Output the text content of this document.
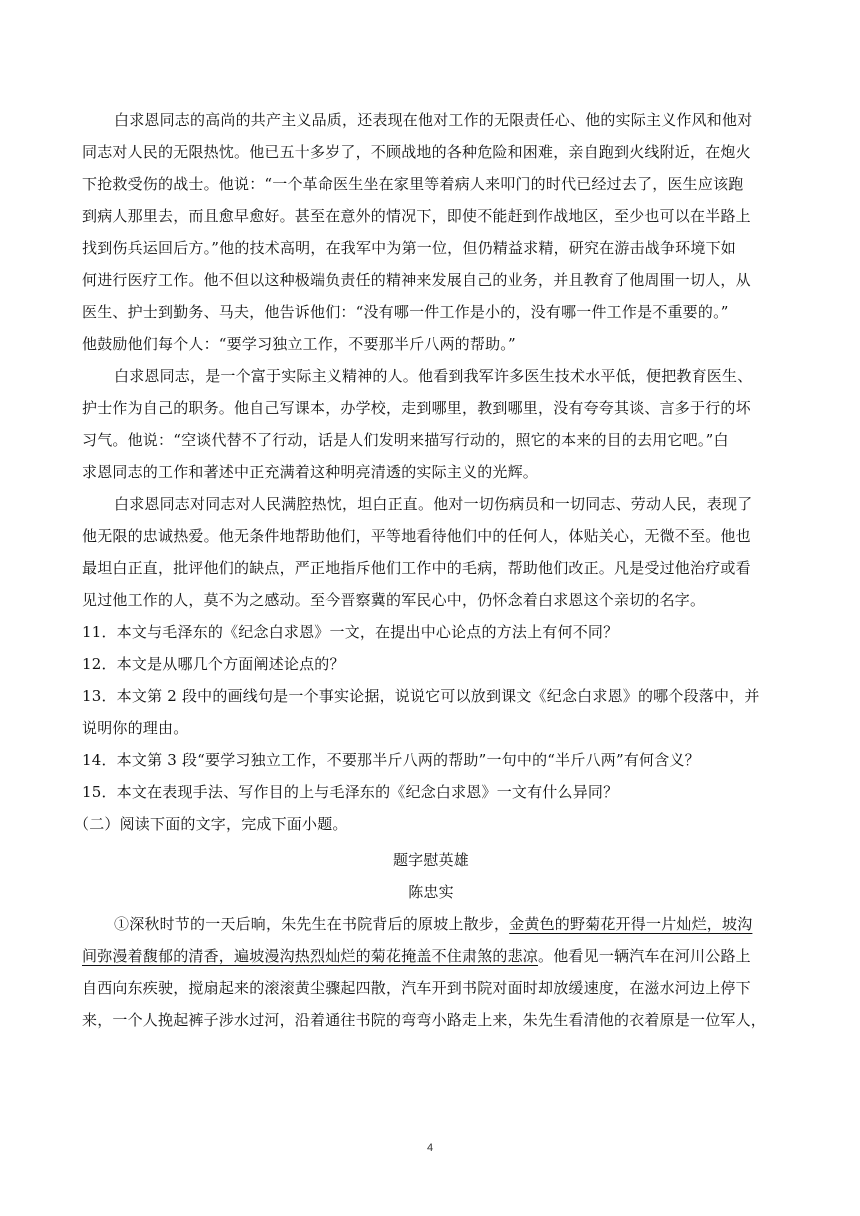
白求恩同志的高尚的共产主义品质，还表现在他对工作的无限责任心、他的实际主义作风和他对
同志对人民的无限热忱。他已五十多岁了，不顾战地的各种危险和困难，亲自跑到火线附近，在炮火
下抢救受伤的战士。他说：“一个革命医生坐在家里等着病人来叩门的时代已经过去了，医生应该跑
到病人那里去，而且愈早愈好。甚至在意外的情况下，即使不能赶到作战地区，至少也可以在半路上
找到伤兵运回后方。”他的技术高明，在我军中为第一位，但仍精益求精，研究在游击战争环境下如
何进行医疗工作。他不但以这种极端负责任的精神来发展自己的业务，并且教育了他周围一切人，从
医生、护士到勤务、马夫，他告诉他们：“没有哪一件工作是小的，没有哪一件工作是不重要的。”
他鼓励他们每个人：“要学习独立工作，不要那半斤八两的帮助。”
白求恩同志，是一个富于实际主义精神的人。他看到我军许多医生技术水平低，便把教育医生、
护士作为自己的职务。他自己写课本，办学校，走到哪里，教到哪里，没有夸夸其谈、言多于行的坏
习气。他说：“空谈代替不了行动，话是人们发明来描写行动的，照它的本来的目的去用它吧。”白
求恩同志的工作和著述中正充满着这种明亮清透的实际主义的光辉。
白求恩同志对同志对人民满腔热忱，坦白正直。他对一切伤病员和一切同志、劳动人民，表现了
他无限的忠诚热爱。他无条件地帮助他们，平等地看待他们中的任何人，体贴关心，无微不至。他也
最坦白正直，批评他们的缺点，严正地指斥他们工作中的毛病，帮助他们改正。凡是受过他治疗或看
见过他工作的人，莫不为之感动。至今晋察冀的军民心中，仍怀念着白求恩这个亲切的名字。
11．本文与毛泽东的《纪念白求恩》一文，在提出中心论点的方法上有何不同？
12．本文是从哪几个方面阐述论点的？
13．本文第 2 段中的画线句是一个事实论据，说说它可以放到课文《纪念白求恩》的哪个段落中，并
说明你的理由。
14．本文第 3 段“要学习独立工作，不要那半斤八两的帮助”一句中的“半斤八两”有何含义？
15．本文在表现手法、写作目的上与毛泽东的《纪念白求恩》一文有什么异同？
（二）阅读下面的文字，完成下面小题。
题字慰英雄
陈忠实
①深秋时节的一天后晌，朱先生在书院背后的原坡上散步，金黄色的野菊花开得一片灿烂，坡沟
间弥漫着馥郁的清香，遍坡漫沟热烈灿烂的菊花掩盖不住肃煞的悲凉。他看见一辆汽车在河川公路上
自西向东疾驶，搅扇起来的滚滚黄尘骤起四散，汽车开到书院对面时却放缓速度，在滋水河边上停下
来，一个人挽起裤子涉水过河，沿着通往书院的弯弯小路走上来，朱先生看清他的衣着原是一位军人，
4
